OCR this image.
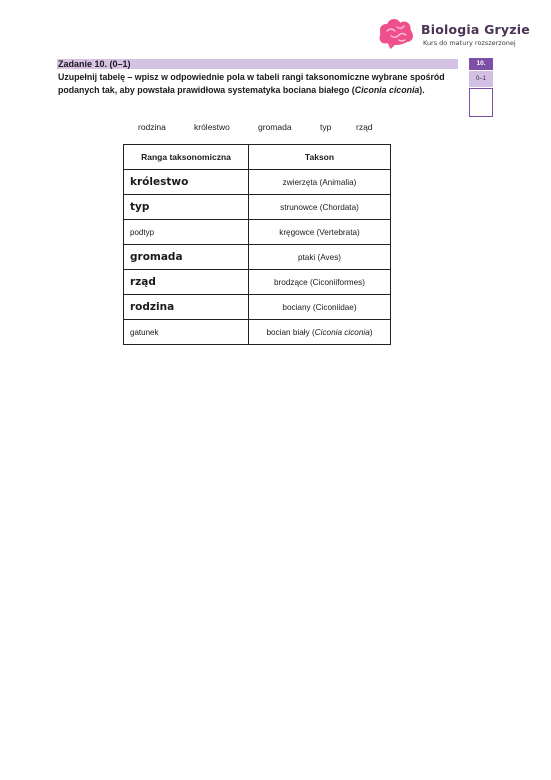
Biologia Gryzie
Kurs do matury rozszerzonej
Zadanie 10. (0–1)
Uzupełnij tabelę – wpisz w odpowiednie pola w tabeli rangi taksonomiczne wybrane spośród podanych tak, aby powstała prawidłowa systematyka bociana białego (Ciconia ciconia).
10.
0–1
rodzina	królestwo	gromada	typ	rząd
Ranga taksonomiczna	Takson
królestwo	zwierzęta (Animalia)
typ	strunowce (Chordata)
podtyp	kręgowce (Vertebrata)
gromada	ptaki (Aves)
rząd	brodzące (Ciconiiformes)
rodzina	bociany (Ciconiidae)
gatunek	bocian biały (Ciconia ciconia)
